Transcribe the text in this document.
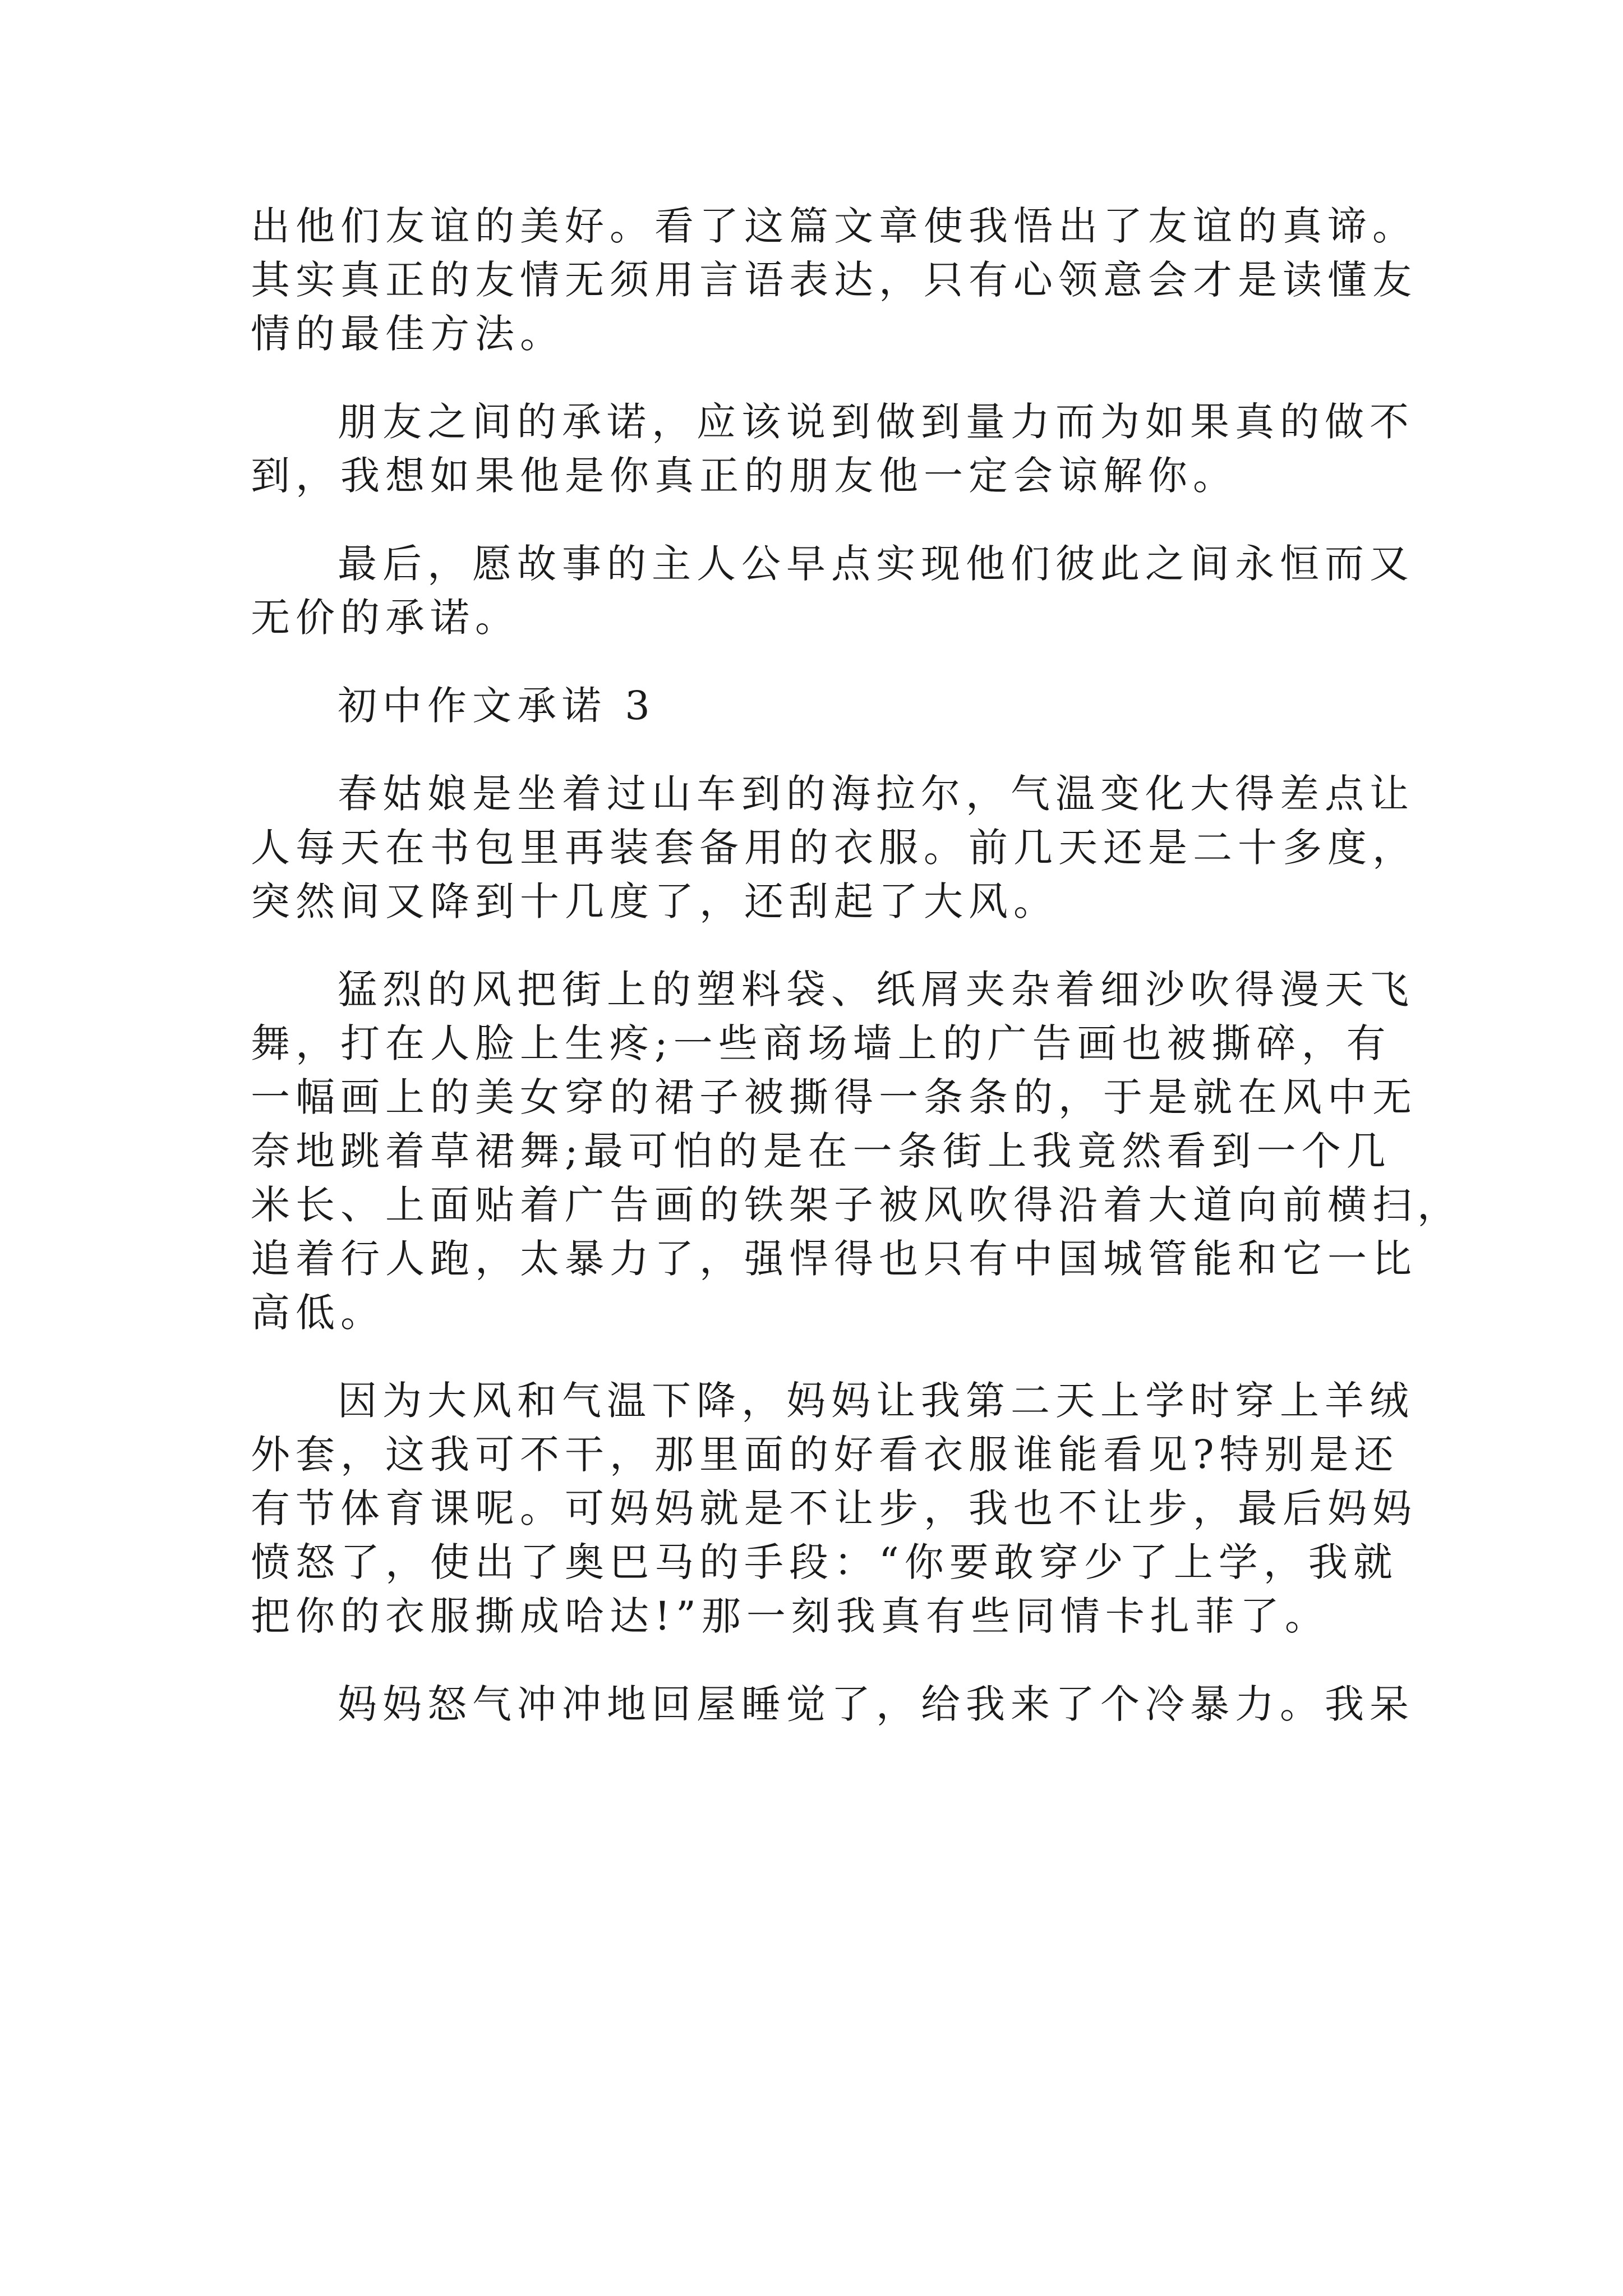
出他们友谊的美好。看了这篇文章使我悟出了友谊的真谛。
其实真正的友情无须用言语表达，只有心领意会才是读懂友
情的最佳方法。
朋友之间的承诺，应该说到做到量力而为如果真的做不
到，我想如果他是你真正的朋友他一定会谅解你。
最后，愿故事的主人公早点实现他们彼此之间永恒而又
无价的承诺。
初中作文承诺 3
春姑娘是坐着过山车到的海拉尔，气温变化大得差点让
人每天在书包里再装套备用的衣服。前几天还是二十多度，
突然间又降到十几度了，还刮起了大风。
猛烈的风把街上的塑料袋、纸屑夹杂着细沙吹得漫天飞
舞，打在人脸上生疼;一些商场墙上的广告画也被撕碎，有
一幅画上的美女穿的裙子被撕得一条条的，于是就在风中无
奈地跳着草裙舞;最可怕的是在一条街上我竟然看到一个几
米长、上面贴着广告画的铁架子被风吹得沿着大道向前横扫，
追着行人跑，太暴力了，强悍得也只有中国城管能和它一比
高低。
因为大风和气温下降，妈妈让我第二天上学时穿上羊绒
外套，这我可不干，那里面的好看衣服谁能看见?特别是还
有节体育课呢。可妈妈就是不让步，我也不让步，最后妈妈
愤怒了，使出了奥巴马的手段：“你要敢穿少了上学，我就
把你的衣服撕成哈达!”那一刻我真有些同情卡扎菲了。
妈妈怒气冲冲地回屋睡觉了，给我来了个冷暴力。我呆
